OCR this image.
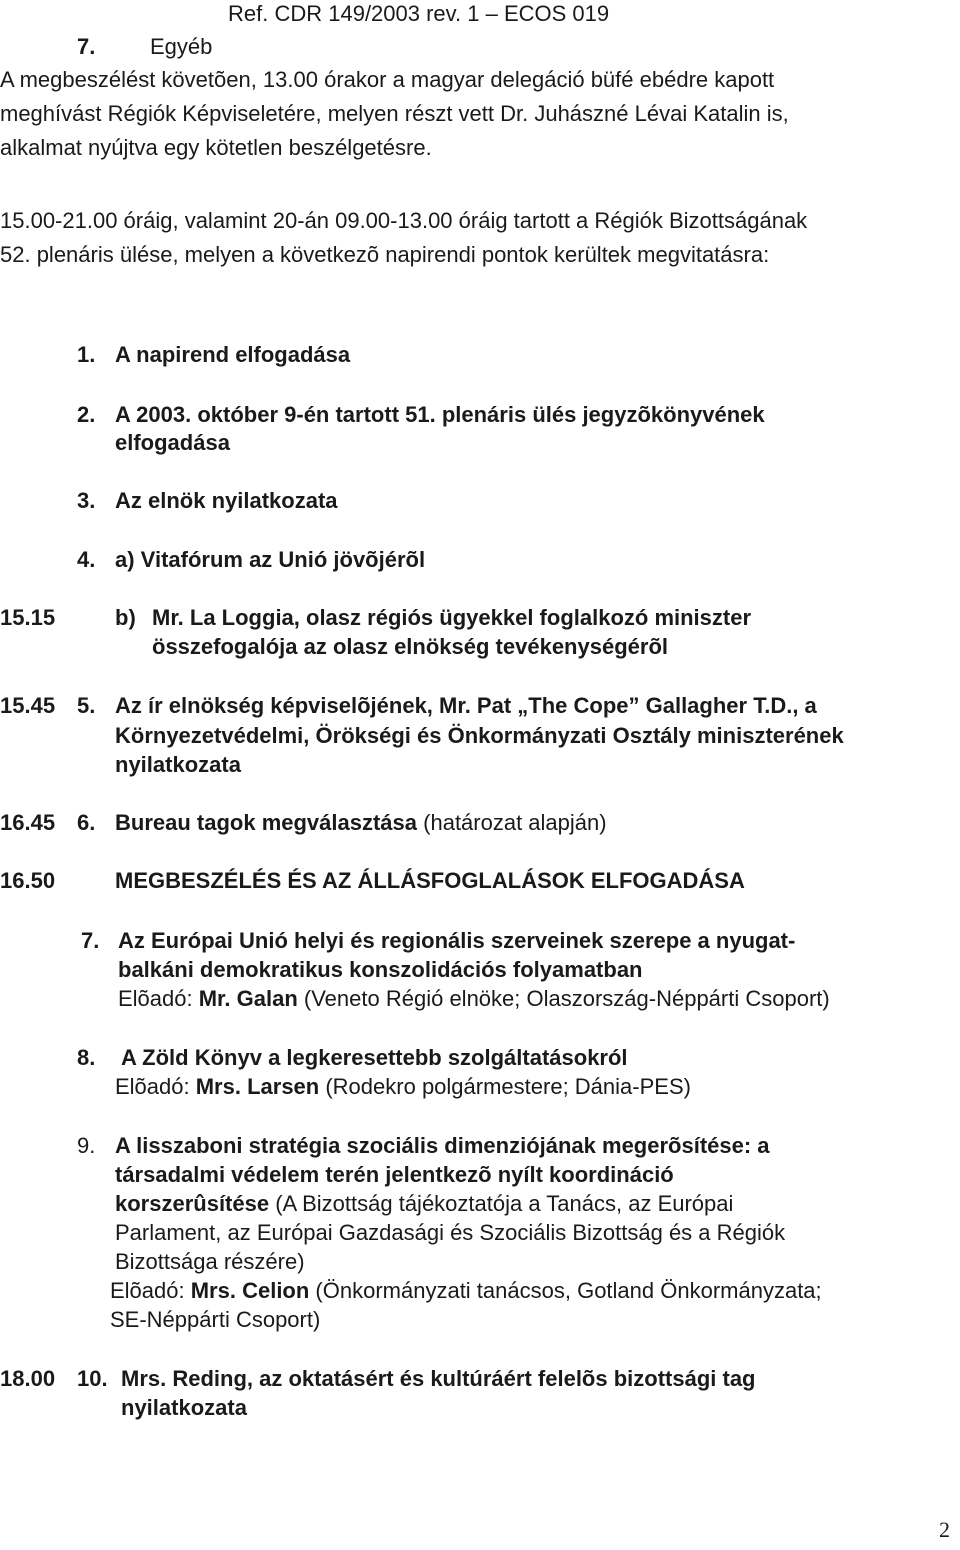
Ref. CDR 149/2003 rev. 1 – ECOS 019
7. Egyéb
A megbeszélést követõen, 13.00 órakor a magyar delegáció büfé ebédre kapott
meghívást Régiók Képviseletére, melyen részt vett Dr. Juhászné Lévai Katalin is,
alkalmat nyújtva egy kötetlen beszélgetésre.
15.00-21.00 óráig, valamint 20-án 09.00-13.00 óráig tartott a Régiók Bizottságának
52. plenáris ülése, melyen a következõ napirendi pontok kerültek megvitatásra:
1. A napirend elfogadása
2. A 2003. október 9-én tartott 51. plenáris ülés jegyzõkönyvének
elfogadása
3. Az elnök nyilatkozata
4. a) Vitafórum az Unió jövõjérõl
15.15	b) Mr. La Loggia, olasz régiós ügyekkel foglalkozó miniszter
összefogalója az olasz elnökség tevékenységérõl
15.45 5. Az ír elnökség képviselõjének, Mr. Pat „The Cope” Gallagher T.D., a
Környezetvédelmi, Örökségi és Önkormányzati Osztály miniszterének
nyilatkozata
16.45 6. Bureau tagok megválasztása (határozat alapján)
16.50	MEGBESZÉLÉS ÉS AZ ÁLLÁSFOGLALÁSOK ELFOGADÁSA
7. Az Európai Unió helyi és regionális szerveinek szerepe a nyugat-
balkáni demokratikus konszolidációs folyamatban
Elõadó: Mr. Galan (Veneto Régió elnöke; Olaszország-Néppárti Csoport)
8. A Zöld Könyv a legkeresettebb szolgáltatásokról
Elõadó: Mrs. Larsen (Rodekro polgármestere; Dánia-PES)
9. A lisszaboni stratégia szociális dimenziójának megerõsítése: a
társadalmi védelem terén jelentkezõ nyílt koordináció
korszerûsítése (A Bizottság tájékoztatója a Tanács, az Európai
Parlament, az Európai Gazdasági és Szociális Bizottság és a Régiók
Bizottsága részére)
Elõadó: Mrs. Celion (Önkormányzati tanácsos, Gotland Önkormányzata;
SE-Néppárti Csoport)
18.00 10. Mrs. Reding, az oktatásért és kultúráért felelõs bizottsági tag
nyilatkozata
2
